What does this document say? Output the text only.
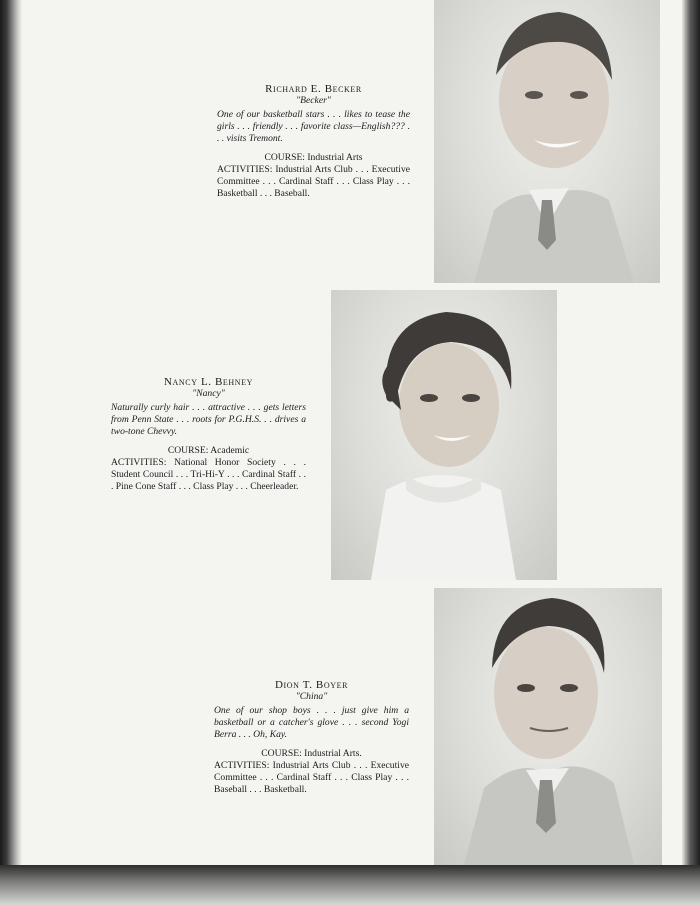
Richard E. Becker
"Becker"
One of our basketball stars . . . likes to tease the girls . . . friendly . . . favorite class—English??? . . . visits Tremont.
COURSE: Industrial Arts
ACTIVITIES: Industrial Arts Club . . . Executive Committee . . . Cardinal Staff . . . Class Play . . . Basketball . . . Baseball.
Nancy L. Behney
"Nancy"
Naturally curly hair . . . attractive . . . gets letters from Penn State . . . roots for P.G.H.S. . . drives a two-tone Chevvy.
COURSE: Academic
ACTIVITIES: National Honor Society . . . Student Council . . . Tri-Hi-Y . . . Cardinal Staff . . . Pine Cone Staff . . . Class Play . . . Cheerleader.
Dion T. Boyer
"China"
One of our shop boys . . . just give him a basketball or a catcher's glove . . . second Yogi Berra . . . Oh, Kay.
COURSE: Industrial Arts.
ACTIVITIES: Industrial Arts Club . . . Executive Committee . . . Cardinal Staff . . . Class Play . . . Baseball . . . Basketball.
